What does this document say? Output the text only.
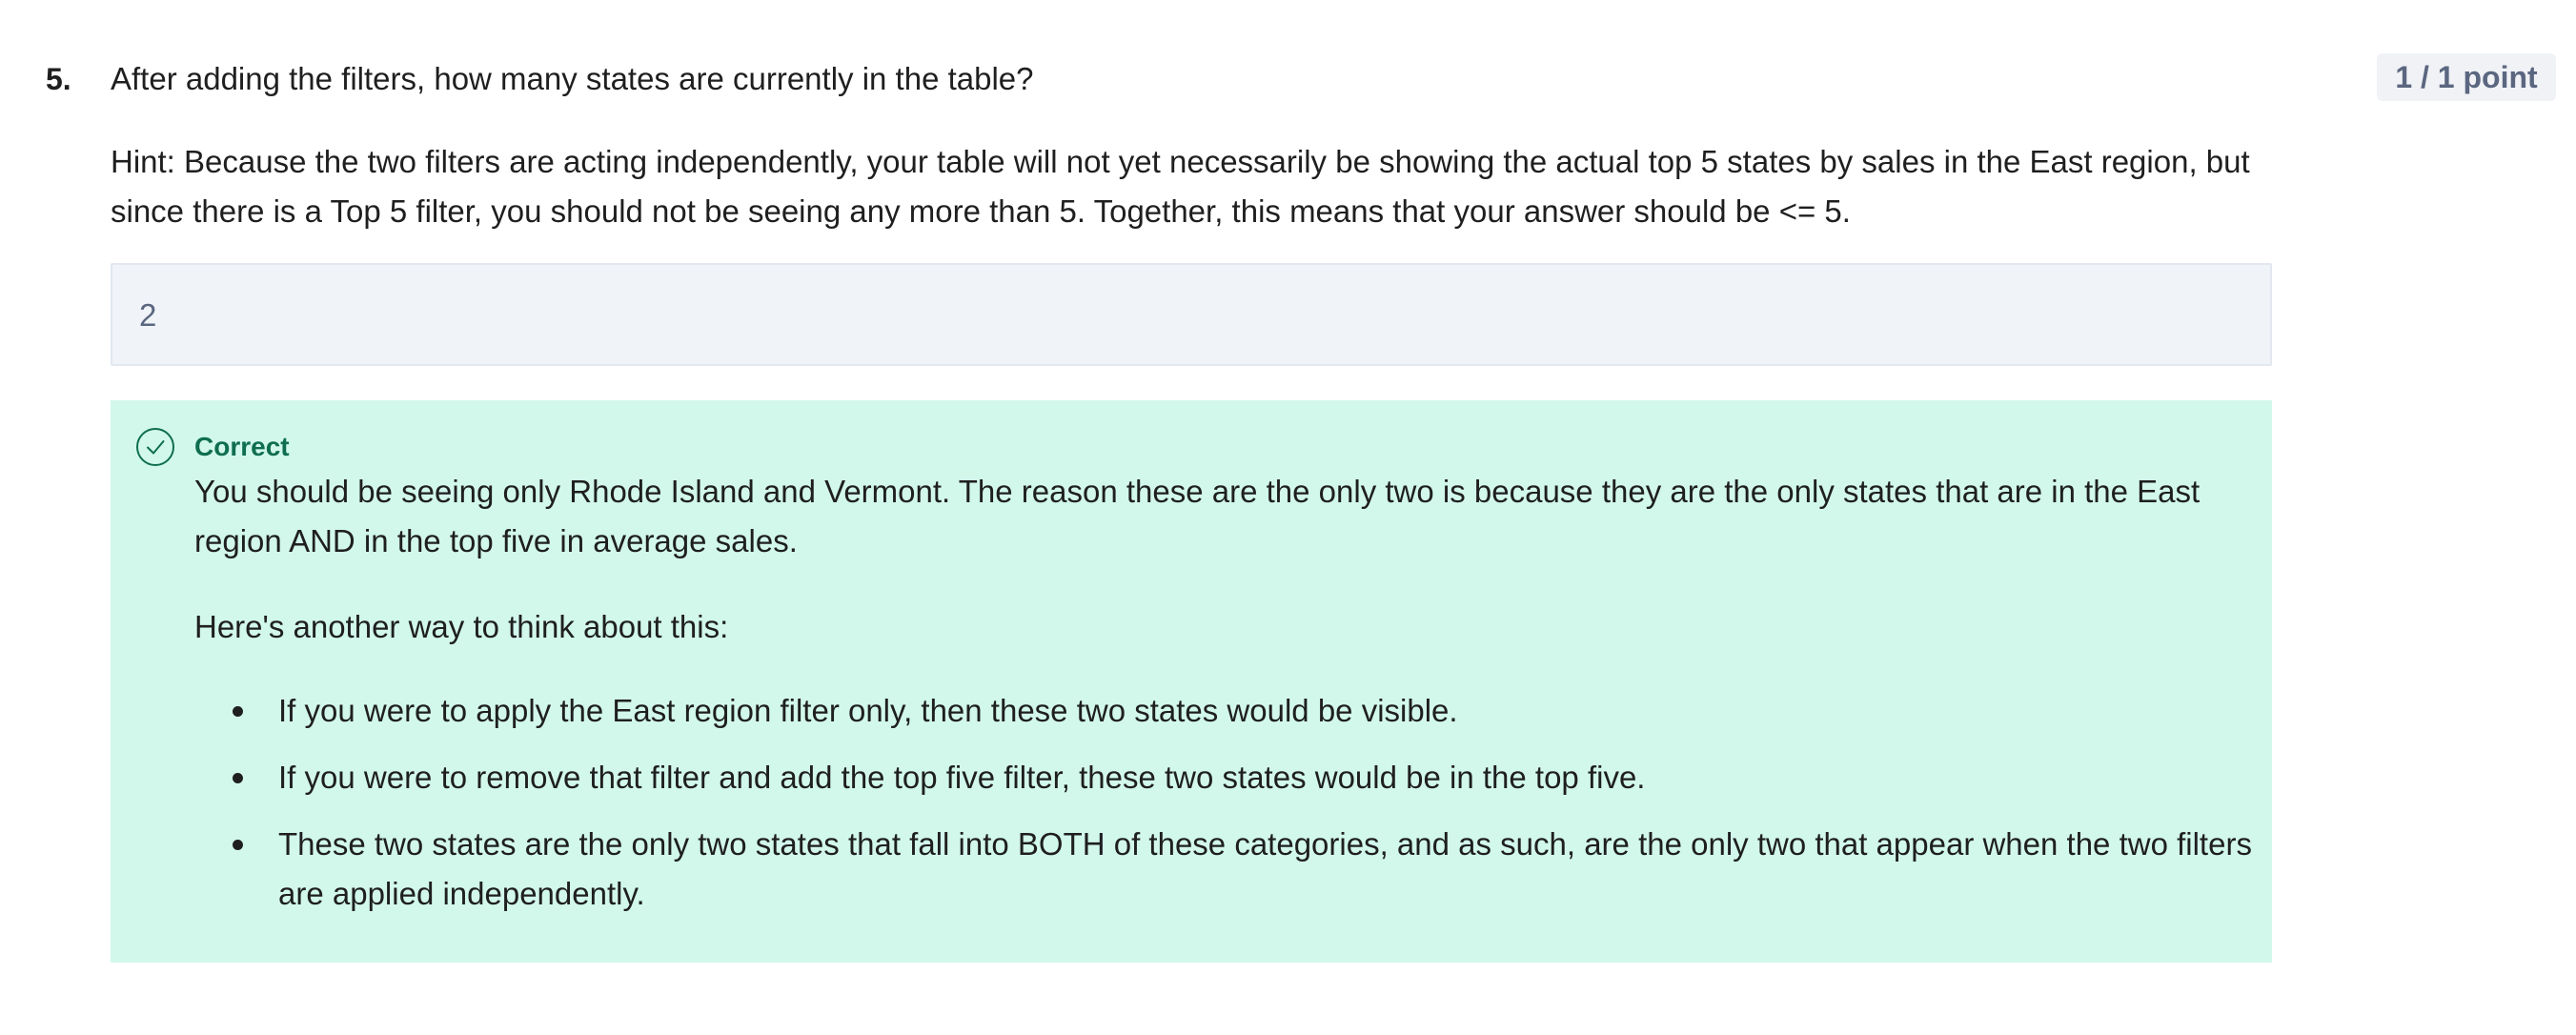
5. After adding the filters, how many states are currently in the table?	1 / 1 point
Hint: Because the two filters are acting independently, your table will not yet necessarily be showing the actual top 5 states by sales in the East region, but since there is a Top 5 filter, you should not be seeing any more than 5. Together, this means that your answer should be <= 5.
2
Correct
You should be seeing only Rhode Island and Vermont. The reason these are the only two is because they are the only states that are in the East region AND in the top five in average sales.
Here's another way to think about this:
If you were to apply the East region filter only, then these two states would be visible.
If you were to remove that filter and add the top five filter, these two states would be in the top five.
These two states are the only two states that fall into BOTH of these categories, and as such, are the only two that appear when the two filters are applied independently.
